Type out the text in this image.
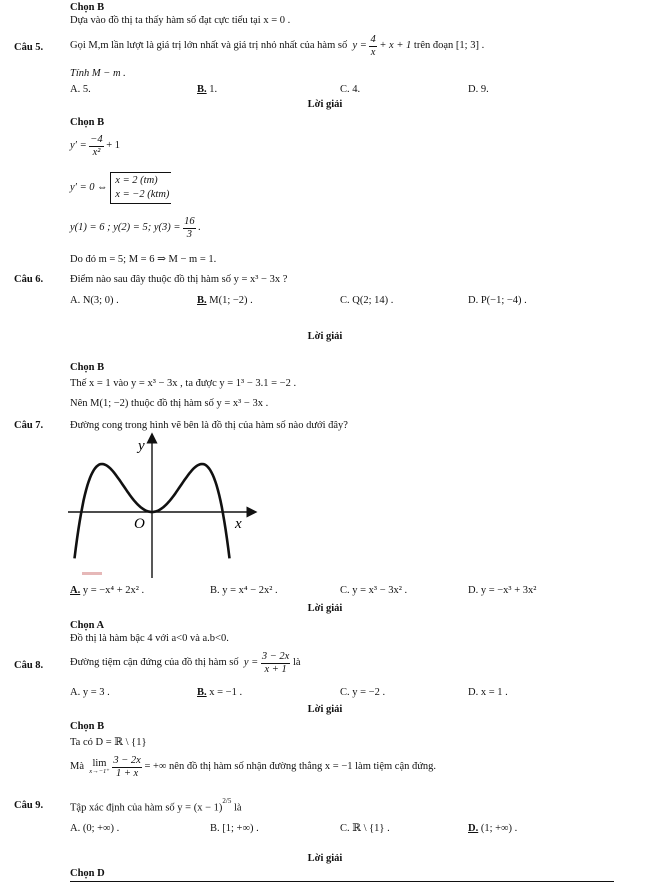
Chọn B
Dựa vào đồ thị ta thấy hàm số đạt cực tiểu tại x = 0 .
Câu 5.	Gọi M,m lần lượt là giá trị lớn nhất và giá trị nhỏ nhất của hàm số $y = \frac{4}{x} + x + 1$ trên đoạn [1; 3] .
Tính M − m .
A. 5.	B. 1.	C. 4.	D. 9.
Lời giải
Chọn B
$y' = \frac{-4}{\text{x²}} + 1$
y′ = 0 ⇔
x = 2 (tm)
x = −2 (ktm)
y(1) = 6 ; y(2) = 5; $y(3) = \frac{16}{3}$ .
Do đó m = 5; M = 6 ⇒ M − m = 1.
Câu 6.	Điểm nào sau đây thuộc đồ thị hàm số y = x³ − 3x ?
A. N(3; 0) .	B. M(1; −2) .	C. Q(2; 14) .	D. P(−1; −4) .
Lời giải
Chọn B
Thế x = 1 vào y = x³ − 3x , ta được y = 1³ − 3.1 = −2 .
Nên M(1; −2) thuộc đồ thị hàm số y = x³ − 3x .
Câu 7.	Đường cong trong hình vẽ bên là đồ thị của hàm số nào dưới đây?
y
x
O
A. y = −x⁴ + 2x² .	B. y = x⁴ − 2x² .	C. y = x³ − 3x² .	D. y = −x³ + 3x²
Lời giải
Chọn A
Đồ thị là hàm bậc 4 với a<0 và a.b<0.
Câu 8.	Đường tiệm cận đứng của đồ thị hàm số $y = \frac{3 - 2x}{x + 1}$ là
A. y = 3 .	B. x = −1 .	C. y = −2 .	D. x = 1 .
Lời giải
Chọn B
Ta có D = ℝ \ {1}
Mà lim
x→−1⁺
$\frac{3 - 2x}{1 + x}$ = +∞ nên đồ thị hàm số nhận đường thẳng x = −1 làm tiệm cận đứng.
Câu 9.	Tập xác định của hàm số $y = (x - 1)^{2/5}$ là
A. (0; +∞) .	B. [1; +∞) .	C. ℝ \ {1} .	D. (1; +∞) .
Lời giải
Chọn D
